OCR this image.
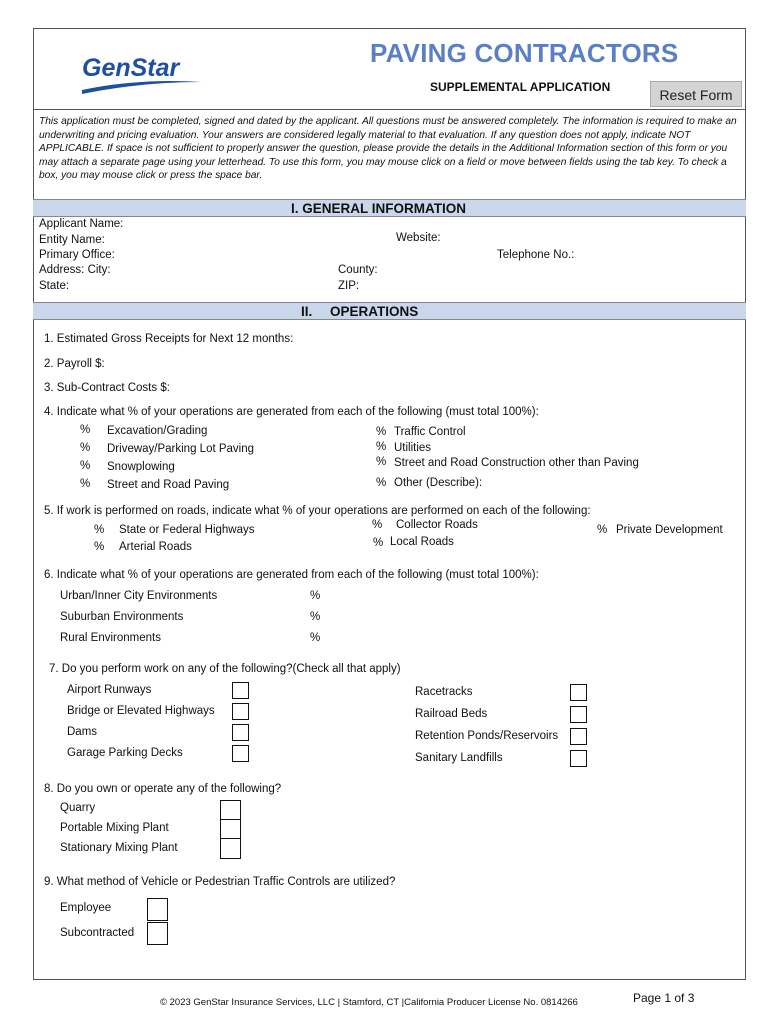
GenStar	PAVING CONTRACTORS
SUPPLEMENTAL APPLICATION	Reset Form
This application must be completed, signed and dated by the applicant. All questions must be answered completely. The information is required to make an underwriting and pricing evaluation. Your answers are considered legally material to that evaluation. If any question does not apply, indicate NOT APPLICABLE. If space is not sufficient to properly answer the question, please provide the details in the Additional Information section of this form or you may attach a separate page using your letterhead. To use this form, you may mouse click on a field or move between fields using the tab key. To check a box, you may mouse click or press the space bar.
I. GENERAL INFORMATION
Applicant Name:
Entity Name:	Website:
Primary Office:	Telephone No.:
Address: City:	County:
State:	ZIP:
II. OPERATIONS
1. Estimated Gross Receipts for Next 12 months:
2. Payroll $:
3. Sub-Contract Costs $:
4. Indicate what % of your operations are generated from each of the following (must total 100%):
% Excavation/Grading
% Driveway/Parking Lot Paving
% Snowplowing
% Street and Road Paving
% Traffic Control
% Utilities
% Street and Road Construction other than Paving
% Other (Describe):
5. If work is performed on roads, indicate what % of your operations are performed on each of the following:
% State or Federal Highways
% Arterial Roads
% Collector Roads
% Local Roads
% Private Development
6. Indicate what % of your operations are generated from each of the following (must total 100%):
Urban/Inner City Environments	%
Suburban Environments	%
Rural Environments	%
7. Do you perform work on any of the following?(Check all that apply)
Airport Runways
Bridge or Elevated Highways
Dams
Garage Parking Decks
Racetracks
Railroad Beds
Retention Ponds/Reservoirs
Sanitary Landfills
8. Do you own or operate any of the following?
Quarry
Portable Mixing Plant
Stationary Mixing Plant
9. What method of Vehicle or Pedestrian Traffic Controls are utilized?
Employee
Subcontracted
© 2023 GenStar Insurance Services, LLC | Stamford, CT |California Producer License No. 0814266	Page 1 of 3
